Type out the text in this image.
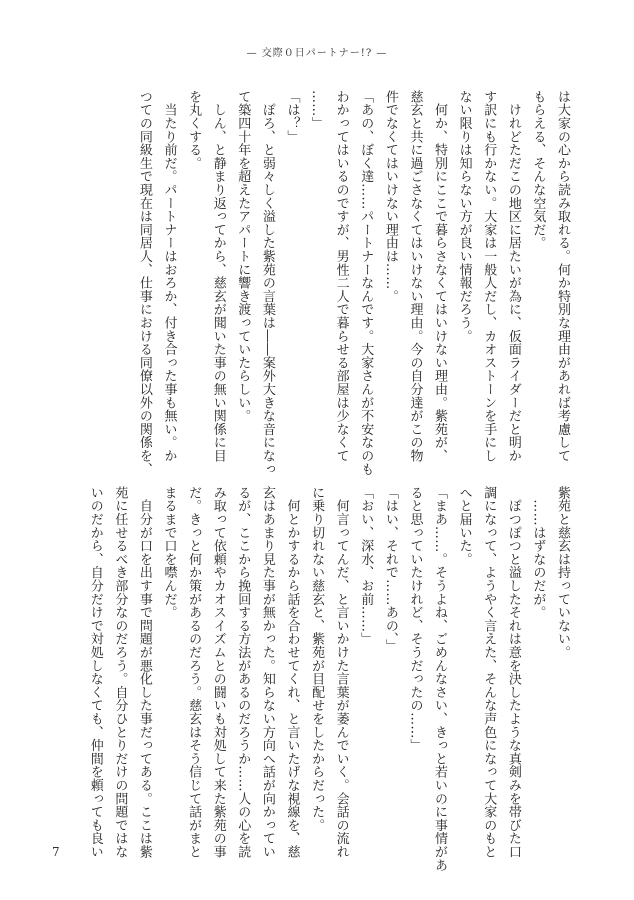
— 交際０日パートナー!? —

は大家の心から読み取れる。何か特別な理由があれば考慮して

もらえる、そんな空気だ。

　けれどただこの地区に居たいが為に、仮面ライダーだと明か

す訳にも行かない。大家は一般人だし、カオストーンを手にし

ない限りは知らない方が良い情報だろう。

　何か、特別にここで暮らさなくてはいけない理由。紫苑が、

慈玄と共に過ごさなくてはいけない理由。今の自分達がこの物

件でなくてはいけない理由は……。

「あの、ぼく達……パートナーなんです。大家さんが不安なのも

わかってはいるのですが、男性二人で暮らせる部屋は少なくて

……」

「は？」

　ぽろ、と弱々しく溢した紫苑の言葉は――案外大きな音になっ

て築四十年を超えたアパートに響き渡っていたらしい。

　しん、と静まり返ってから、慈玄が聞いた事の無い関係に目

を丸くする。

　当たり前だ。パートナーはおろか、付き合った事も無い。か

つての同級生で現在は同居人、仕事における同僚以外の関係を、

紫苑と慈玄は持っていない。

　……はずなのだが。

　ぽつぽつと溢したそれは意を決したような真剣みを帯びた口

調になって、ようやく言えた、そんな声色になって大家のもと

へと届いた。

「まあ……。そうよね、ごめんなさい、きっと若いのに事情があ

ると思っていたけれど、そうだったの……」

「はい、それで……あの、」

「おい、深水、お前……」

　何言ってんだ、と言いかけた言葉が萎んでいく。会話の流れ

に乗り切れない慈玄と、紫苑が目配せをしたからだった。

　何とかするから話を合わせてくれ、と言いたげな視線を、慈

玄はあまり見た事が無かった。知らない方向へ話が向かってい

るが、ここから挽回する方法があるのだろうか……人の心を読

み取って依頼やカオスイズムとの闘いも対処して来た紫苑の事

だ。きっと何か策があるのだろう。慈玄はそう信じて話がまと

まるまで口を噤んだ。

　自分が口を出す事で問題が悪化した事だってある。ここは紫

苑に任せるべき部分なのだろう。自分ひとりだけの問題ではな

いのだから、自分だけで対処しなくても、仲間を頼っても良い

7
